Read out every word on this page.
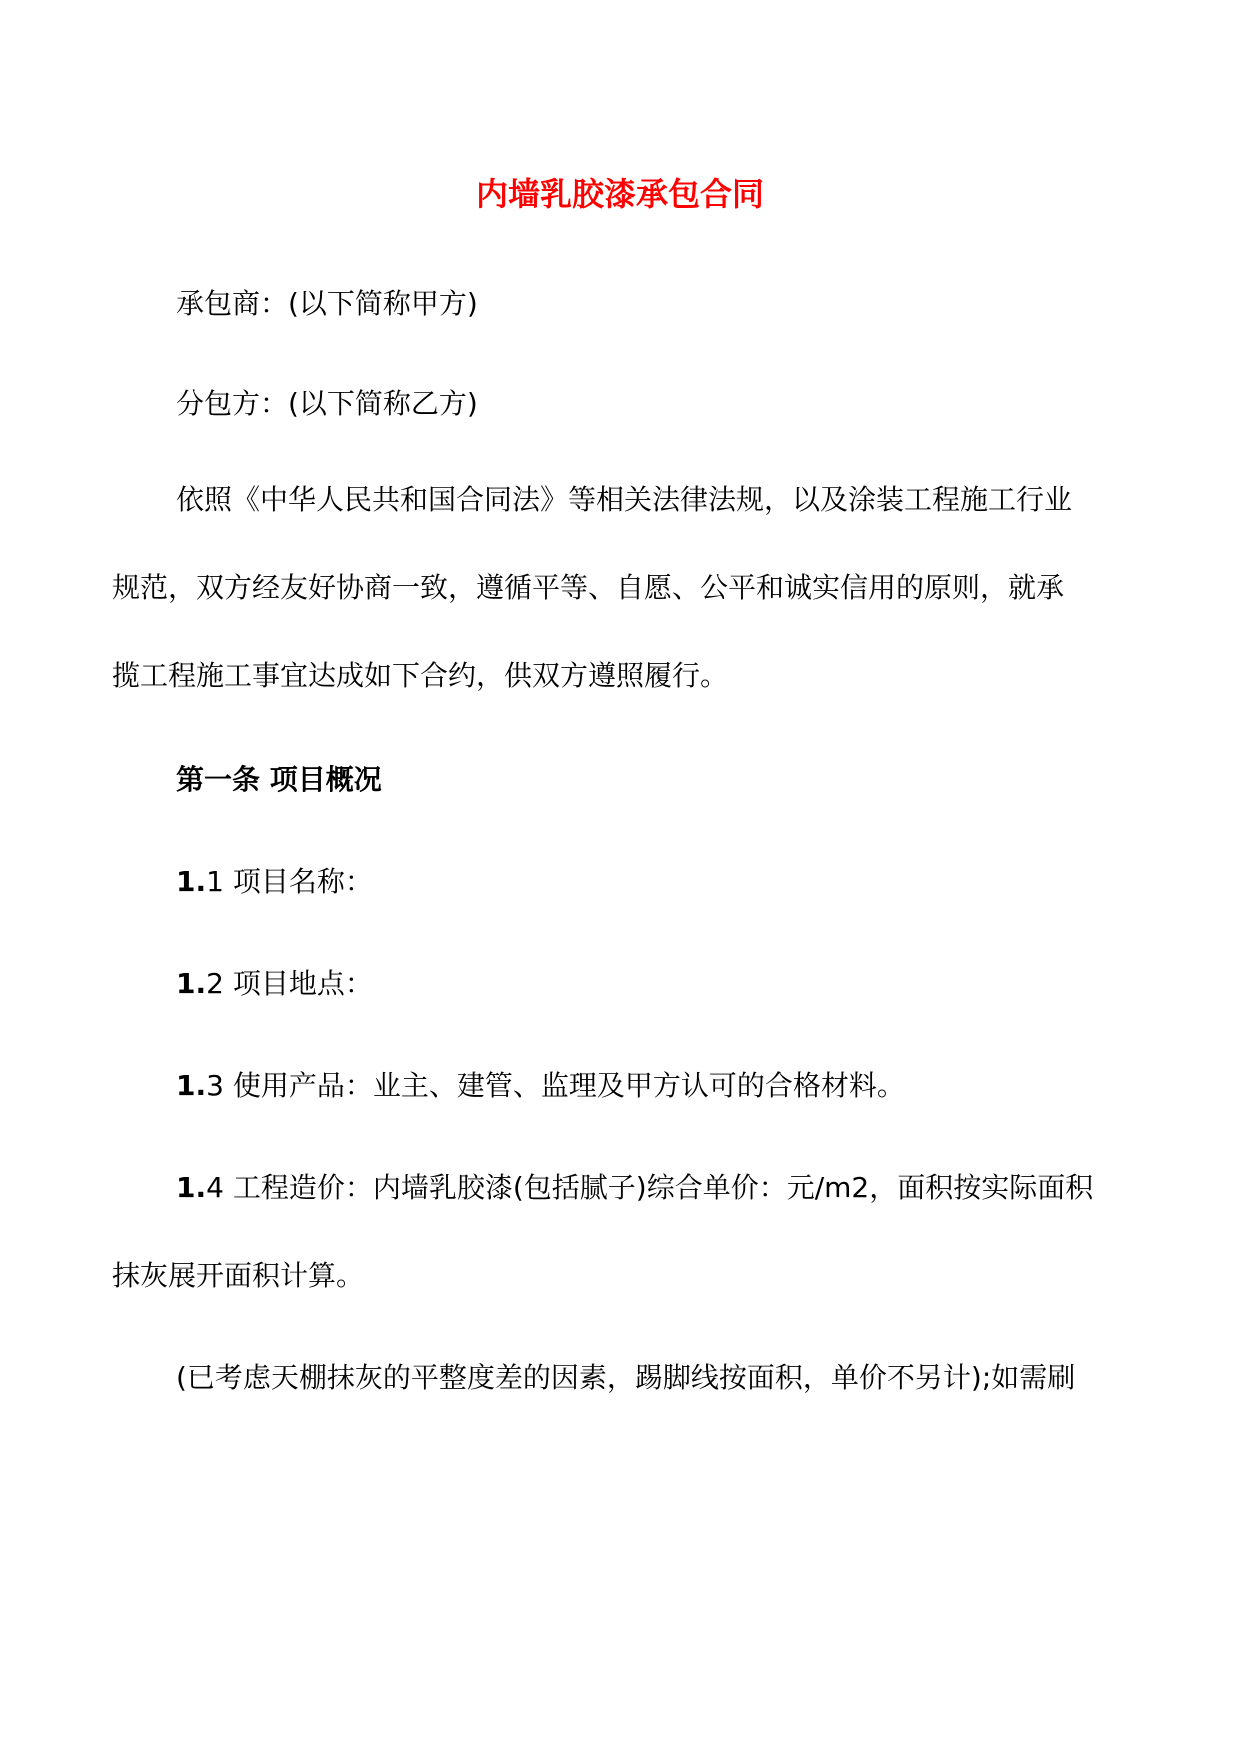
内墙乳胶漆承包合同
承包商：(以下简称甲方)
分包方：(以下简称乙方)
依照《中华人民共和国合同法》等相关法律法规，以及涂装工程施工行业
规范，双方经友好协商一致，遵循平等、自愿、公平和诚实信用的原则，就承
揽工程施工事宜达成如下合约，供双方遵照履行。
第一条 项目概况
1.1 项目名称：
1.2 项目地点：
1.3 使用产品：业主、建管、监理及甲方认可的合格材料。
1.4 工程造价：内墙乳胶漆(包括腻子)综合单价：元/m2，面积按实际面积
抹灰展开面积计算。
(已考虑天棚抹灰的平整度差的因素，踢脚线按面积，单价不另计);如需刷
